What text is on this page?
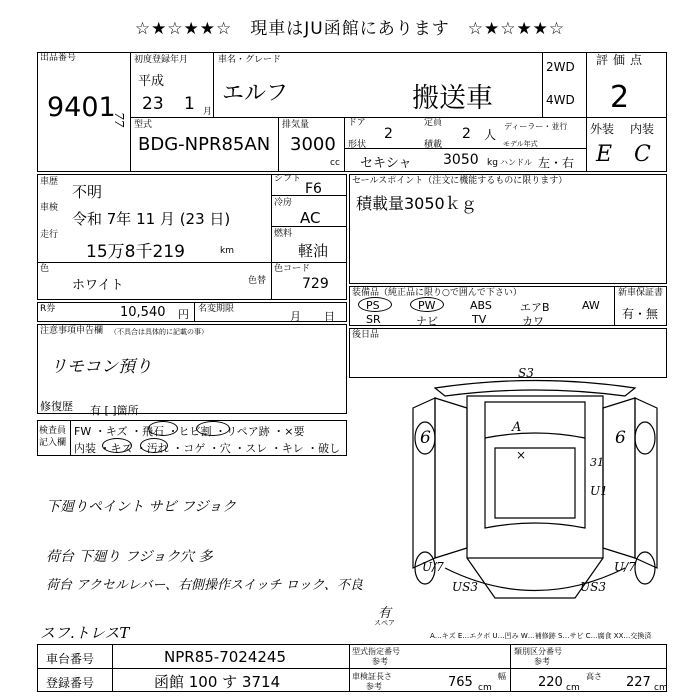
☆★☆★★☆　現車はJU函館にあります　☆★☆★★☆
出品番号
9401
77
初度登録年月
平成
23 1 月
車名・グレード
エルフ	搬送車
2WD
4WD
型式
BDG-NPR85AN
排気量
3000
cc
ドア
2
定員
2 人
ディーラー・並行
形状
セキシャ
積載
3050 kg
モデル年式
ハンドル 左・右
評価点
2
外装 内装
E C
車歴
不明
車検
令和 7年 11 月 (23 日)
走行
15万8千219	km
シフト
F6
冷房
AC
燃料
軽油
色
ホワイト	色替
色コード
729
R券	10,540 円 名変期限
月 日
注意事項申告欄 （不具合は具体的に記載の事）
リモコン預り
修復歴 有 [ ]箇所
検査員
記入欄
FW ・キズ ・飛石 ・ヒビ割 ・リペア跡 ・×要
内装 ・キズ ・汚れ ・コゲ ・穴 ・スレ ・キレ ・破し
セールスポイント（注文に機能するものに限ります）
積載量3050ｋｇ
装備品（純正品に限り○で囲んで下さい）	新車保証書
有・無
PS	PW	ABS	エアB	AW
SR	ナビ	TV	カワ
後日品
下廻りペイント サビ フジョク
荷台 下廻り フジョク穴 多
荷台 アクセルレバー、右側操作スイッチ ロック、不良
スフ.トレスT
S3
A
×
6	6
31
U1
U/7	U/7
US3	US3
有
スペア
A…キズ E…エクボ U…凹み W…補修跡 S…サビ C…腐食 XX…交換済
車台番号	NPR85-7024245
登録番号	函館 100 す 3714
型式指定番号
参考
類別区分番号
参考
車検証長さ
参考	765 cm
幅 220 cm
高さ 227 cm
